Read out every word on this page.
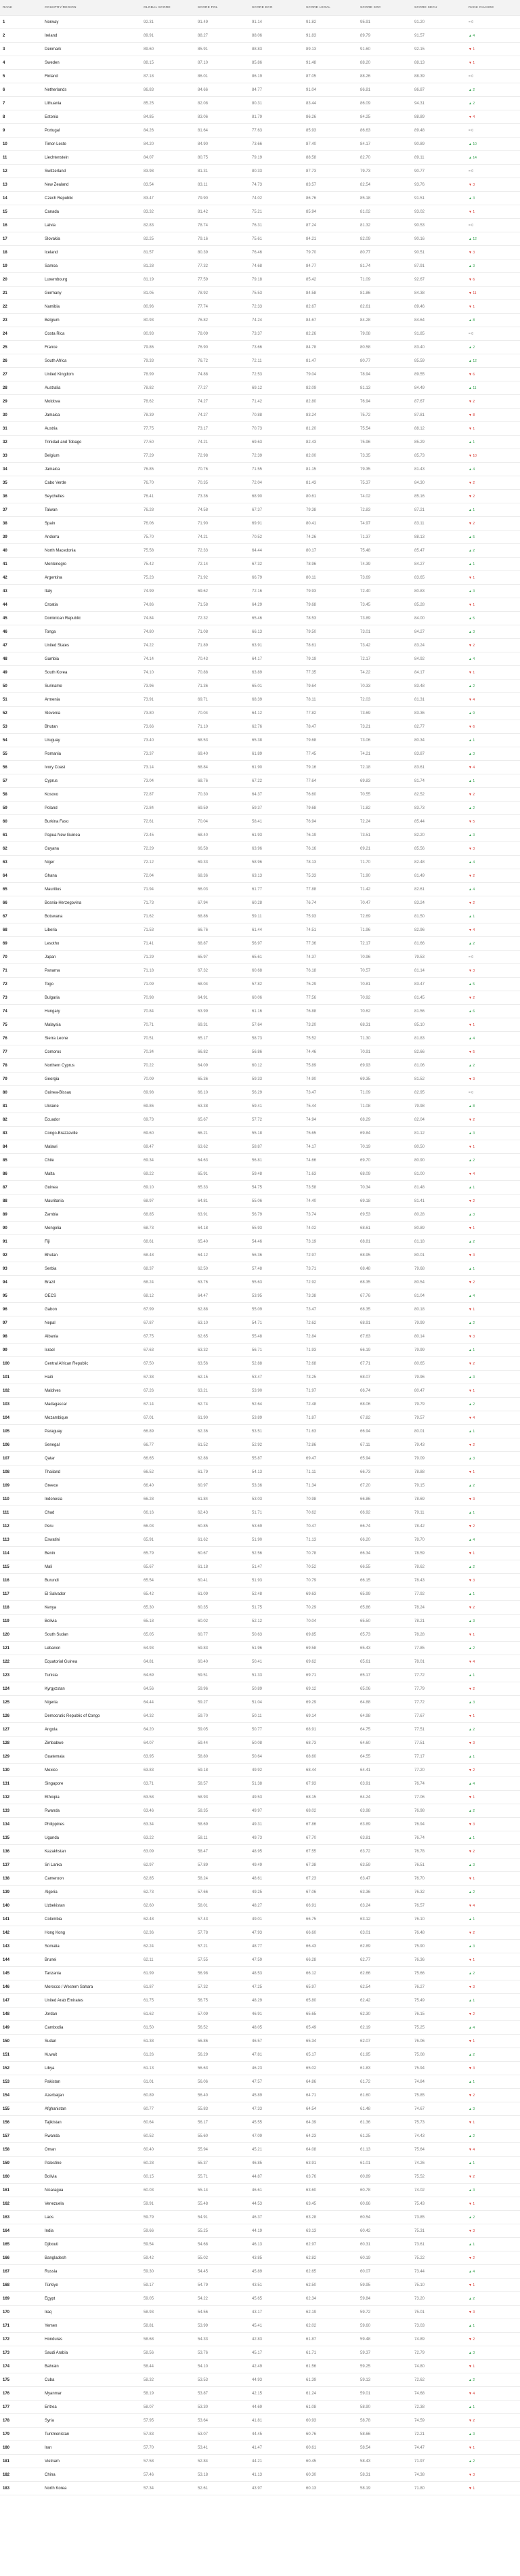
RANK	COUNTRY/REGION	GLOBAL SCORE	SCORE POL	SCORE ECO	SCORE LEGAL	SCORE SOC	SCORE SECU	RANK CHANGE
1	Norway	92.31	91.49	91.14	91.82	95.91	91.20	= 0
2	Ireland	89.91	88.27	88.06	91.83	89.79	91.57	▲ 4
3	Denmark	89.60	85.91	88.83	89.13	91.60	92.15	▼ 1
4	Sweden	88.15	87.10	85.86	91.48	88.20	88.13	▼ 1
5	Finland	87.18	86.01	86.19	87.05	88.26	88.39	= 0
6	Netherlands	86.83	84.66	84.77	91.04	86.81	86.87	▲ 2
7	Lithuania	85.25	82.08	80.31	83.44	86.09	94.31	▲ 2
8	Estonia	84.85	83.06	81.79	86.26	84.25	88.89	▼ 4
9	Portugal	84.26	81.64	77.63	85.93	86.63	89.48	= 0
10	Timor-Leste	84.20	84.90	73.66	87.40	84.17	90.89	▲ 10
11	Liechtenstein	84.07	80.75	79.19	88.58	82.70	89.11	▲ 14
12	Switzerland	83.98	81.31	80.33	87.73	79.73	90.77	= 0
13	New Zealand	83.54	83.11	74.73	83.57	82.54	93.76	▼ 3
14	Czech Republic	83.47	79.90	74.02	86.76	85.18	91.51	▲ 3
15	Canada	83.32	81.42	75.21	85.94	81.02	93.02	▼ 1
16	Latvia	82.83	78.74	76.31	87.24	81.32	90.53	= 0
17	Slovakia	82.25	79.16	75.61	84.21	82.09	90.16	▲ 12
18	Iceland	81.57	80.39	76.46	79.70	80.77	90.51	▼ 3
19	Samoa	81.28	77.32	74.68	84.77	81.74	87.91	▲ 3
20	Luxembourg	81.19	77.59	79.18	85.42	71.09	92.67	▼ 6
21	Germany	81.05	78.92	75.53	84.58	81.86	84.38	▼ 11
22	Namibia	80.96	77.74	72.33	82.67	82.61	89.46	▼ 1
23	Belgium	80.93	76.82	74.24	84.67	84.28	84.64	▲ 8
24	Costa Rica	80.93	78.09	73.37	82.26	79.08	91.85	= 0
25	France	79.86	76.90	73.66	84.78	80.58	83.40	▲ 2
26	South Africa	79.33	76.72	72.11	81.47	80.77	85.59	▲ 12
27	United Kingdom	78.99	74.88	72.53	79.04	78.94	89.55	▼ 6
28	Australia	78.82	77.27	69.12	82.09	81.13	84.49	▲ 11
29	Moldova	78.62	74.27	71.42	82.80	76.94	87.67	▼ 2
30	Jamaica	78.39	74.27	70.88	83.24	75.72	87.81	▼ 8
31	Austria	77.75	73.17	70.73	81.20	75.54	88.12	▼ 1
32	Trinidad and Tobago	77.50	74.21	69.63	82.43	75.96	85.29	▲ 1
33	Belgium	77.29	72.98	72.39	82.00	73.35	85.73	▼ 10
34	Jamaica	76.85	70.76	71.55	81.15	79.35	81.43	▲ 4
35	Cabo Verde	76.70	70.35	72.04	81.43	75.37	84.30	▼ 2
36	Seychelles	76.41	73.36	68.90	80.61	74.02	85.16	▼ 2
37	Taiwan	76.28	74.58	67.37	79.38	72.83	87.21	▲ 1
38	Spain	76.06	71.90	69.91	80.41	74.97	83.11	▼ 2
39	Andorra	75.70	74.21	70.52	74.26	71.37	88.13	▲ 5
40	North Macedonia	75.58	72.33	64.44	80.17	75.48	85.47	▲ 2
41	Montenegro	75.42	72.14	67.32	78.96	74.39	84.27	▲ 1
42	Argentina	75.23	71.92	66.79	80.11	73.69	83.65	▼ 1
43	Italy	74.99	69.62	72.16	79.93	72.40	80.83	▲ 3
44	Croatia	74.86	71.58	64.29	79.68	73.45	85.28	▼ 1
45	Dominican Republic	74.84	72.32	65.46	78.53	73.89	84.00	▲ 5
46	Tonga	74.80	71.08	66.13	79.50	73.01	84.27	▲ 3
47	United States	74.22	71.89	63.91	78.61	73.42	83.24	▼ 2
48	Gambia	74.14	70.43	64.17	79.19	72.17	84.92	▲ 4
49	South Korea	74.10	70.88	63.89	77.35	74.22	84.17	▼ 1
50	Suriname	73.96	71.36	65.01	79.64	70.33	83.48	▲ 2
51	Armenia	73.91	69.71	68.39	78.11	72.03	81.31	▼ 4
52	Slovenia	73.80	70.04	64.12	77.82	73.69	83.36	▲ 9
53	Bhutan	73.66	71.10	62.76	78.47	73.21	82.77	▼ 6
54	Uruguay	73.40	68.53	65.38	79.68	73.06	80.34	▲ 1
55	Romania	73.37	69.40	61.89	77.45	74.21	83.87	▲ 3
56	Ivory Coast	73.14	68.84	61.90	79.16	72.18	83.61	▼ 4
57	Cyprus	73.04	68.76	67.22	77.64	69.83	81.74	▲ 1
58	Kosovo	72.87	70.30	64.37	76.60	70.55	82.52	▼ 2
59	Poland	72.84	69.59	59.37	79.68	71.82	83.73	▲ 2
60	Burkina Faso	72.61	70.04	58.41	76.94	72.24	85.44	▼ 5
61	Papua New Guinea	72.45	68.40	61.93	76.19	73.51	82.20	▲ 3
62	Guyana	72.29	66.58	63.96	76.16	69.21	85.56	▼ 3
63	Niger	72.12	69.33	58.96	78.13	71.70	82.48	▲ 4
64	Ghana	72.04	68.36	63.13	75.33	71.90	81.49	▼ 2
65	Mauritius	71.94	66.03	61.77	77.88	71.42	82.61	▲ 4
66	Bosnia-Herzegovina	71.73	67.94	60.28	76.74	70.47	83.24	▼ 2
67	Botswana	71.62	68.86	59.11	75.93	72.69	81.50	▲ 1
68	Liberia	71.53	66.76	61.44	74.51	71.96	82.96	▼ 4
69	Lesotho	71.41	68.87	56.97	77.36	72.17	81.66	▲ 2
70	Japan	71.29	65.97	65.61	74.37	70.96	79.53	= 0
71	Panama	71.18	67.32	60.68	76.18	70.57	81.14	▼ 3
72	Togo	71.09	68.04	57.82	75.29	70.81	83.47	▲ 5
73	Bulgaria	70.98	64.91	60.06	77.56	70.92	81.45	▼ 2
74	Hungary	70.84	63.99	61.16	76.88	70.62	81.56	▲ 6
75	Malaysia	70.71	69.31	57.64	73.20	68.31	85.10	▼ 1
76	Sierra Leone	70.51	65.17	58.73	75.52	71.30	81.83	▲ 4
77	Comoros	70.34	66.82	56.86	74.46	70.91	82.66	▼ 5
78	Northern Cyprus	70.22	64.09	60.12	75.89	69.93	81.06	▲ 2
79	Georgia	70.09	65.36	59.33	74.90	69.35	81.52	▼ 3
80	Guinea-Bissau	69.98	66.10	56.29	73.47	71.09	82.95	= 0
81	Ukraine	69.86	63.38	59.41	75.44	71.08	79.98	▲ 8
82	Ecuador	69.73	65.67	57.72	74.94	68.29	82.04	▼ 2
83	Congo-Brazzaville	69.60	66.21	55.18	75.65	69.84	81.12	▲ 3
84	Malawi	69.47	63.62	58.87	74.17	70.19	80.50	▼ 1
85	Chile	69.34	64.63	56.81	74.66	69.70	80.90	▲ 2
86	Malta	69.22	65.91	59.48	71.63	68.09	81.00	▼ 4
87	Guinea	69.10	65.33	54.75	73.58	70.34	81.48	▲ 1
88	Mauritania	68.97	64.81	55.06	74.40	69.18	81.41	▼ 2
89	Zambia	68.85	63.91	56.79	73.74	69.53	80.28	▲ 3
90	Mongolia	68.73	64.18	55.93	74.02	68.61	80.89	▼ 1
91	Fiji	68.61	65.40	54.46	73.19	68.81	81.18	▲ 2
92	Bhutan	68.48	64.12	56.36	72.97	68.95	80.01	▼ 3
93	Serbia	68.37	62.50	57.48	73.71	68.48	79.68	▲ 1
94	Brazil	68.24	63.76	55.63	72.92	68.35	80.54	▼ 2
95	OECS	68.12	64.47	53.95	73.38	67.76	81.04	▲ 4
96	Gabon	67.99	62.88	55.09	73.47	68.35	80.18	▼ 1
97	Nepal	67.87	63.10	54.71	72.62	68.91	79.99	▲ 2
98	Albania	67.75	62.65	55.48	72.84	67.63	80.14	▼ 3
99	Israel	67.63	63.32	56.71	71.93	66.19	79.99	▲ 1
100	Central African Republic	67.50	63.56	52.88	72.68	67.71	80.65	▼ 2
101	Haiti	67.38	62.15	53.47	73.25	68.07	79.96	▲ 3
102	Maldives	67.26	63.21	53.90	71.97	66.74	80.47	▼ 1
103	Madagascar	67.14	62.74	52.64	72.48	68.06	79.79	▲ 2
104	Mozambique	67.01	61.90	53.89	71.87	67.82	79.57	▼ 4
105	Paraguay	66.89	62.36	53.51	71.63	66.94	80.01	▲ 1
106	Senegal	66.77	61.52	52.92	72.86	67.11	79.43	▼ 2
107	Qatar	66.65	62.88	55.87	69.47	65.94	79.09	▲ 3
108	Thailand	66.52	61.79	54.13	71.11	66.73	78.88	▼ 1
109	Greece	66.40	60.97	53.36	71.34	67.20	79.15	▲ 2
110	Indonesia	66.28	61.84	53.03	70.98	66.86	78.69	▼ 3
111	Chad	66.16	62.43	51.71	70.62	66.92	79.11	▲ 1
112	Peru	66.03	60.85	53.69	70.47	66.74	78.42	▼ 2
113	Eswatini	65.91	61.62	51.90	71.13	66.20	78.70	▲ 4
114	Benin	65.79	60.67	52.56	70.78	66.34	78.59	▼ 1
115	Mali	65.67	61.18	51.47	70.52	66.55	78.62	▲ 2
116	Burundi	65.54	60.41	51.93	70.79	66.15	78.43	▼ 3
117	El Salvador	65.42	61.09	52.48	69.63	65.99	77.92	▲ 1
118	Kenya	65.30	60.35	51.75	70.29	65.86	78.24	▼ 2
119	Bolivia	65.18	60.02	52.12	70.04	65.50	78.21	▲ 3
120	South Sudan	65.05	60.77	50.63	69.85	65.73	78.28	▼ 1
121	Lebanon	64.93	59.83	51.96	69.58	65.43	77.85	▲ 2
122	Equatorial Guinea	64.81	60.40	50.41	69.62	65.61	78.01	▼ 4
123	Tunisia	64.69	59.51	51.33	69.71	65.17	77.72	▲ 1
124	Kyrgyzstan	64.56	59.96	50.89	69.12	65.06	77.79	▼ 2
125	Nigeria	64.44	59.27	51.04	69.29	64.88	77.72	▲ 3
126	Democratic Republic of Congo	64.32	59.70	50.11	69.14	64.98	77.67	▼ 1
127	Angola	64.20	59.05	50.77	68.91	64.75	77.51	▲ 2
128	Zimbabwe	64.07	59.44	50.08	68.73	64.60	77.51	▼ 3
129	Guatemala	63.95	58.80	50.64	68.60	64.55	77.17	▲ 1
130	Mexico	63.83	59.18	49.92	68.44	64.41	77.20	▼ 2
131	Singapore	63.71	58.57	51.38	67.93	63.91	76.74	▲ 4
132	Ethiopia	63.58	58.93	49.53	68.15	64.24	77.06	▼ 1
133	Rwanda	63.46	58.35	49.97	68.02	63.98	76.98	▲ 2
134	Philippines	63.34	58.69	49.31	67.86	63.89	76.94	▼ 3
135	Uganda	63.22	58.11	49.73	67.70	63.81	76.74	▲ 1
136	Kazakhstan	63.09	58.47	48.95	67.55	63.72	76.78	▼ 2
137	Sri Lanka	62.97	57.89	49.49	67.38	63.59	76.51	▲ 3
138	Cameroon	62.85	58.24	48.61	67.23	63.47	76.70	▼ 1
139	Algeria	62.73	57.66	49.25	67.06	63.36	76.32	▲ 2
140	Uzbekistan	62.60	58.01	48.27	66.91	63.24	76.57	▼ 4
141	Colombia	62.48	57.43	49.01	66.75	63.12	76.10	▲ 1
142	Hong Kong	62.36	57.78	47.93	66.60	63.01	76.48	▼ 2
143	Somalia	62.24	57.21	48.77	66.43	62.89	75.90	▲ 3
144	Brunei	62.11	57.55	47.59	66.28	62.77	76.36	▼ 1
145	Tanzania	61.99	56.98	48.53	66.12	62.66	75.66	▲ 2
146	Morocco / Western Sahara	61.87	57.32	47.25	65.97	62.54	76.27	▼ 3
147	United Arab Emirates	61.75	56.75	48.29	65.80	62.42	75.49	▲ 1
148	Jordan	61.62	57.09	46.91	65.65	62.30	76.15	▼ 2
149	Cambodia	61.50	56.52	48.05	65.49	62.19	75.25	▲ 4
150	Sudan	61.38	56.86	46.57	65.34	62.07	76.06	▼ 1
151	Kuwait	61.26	56.29	47.81	65.17	61.95	75.08	▲ 2
152	Libya	61.13	56.63	46.23	65.02	61.83	75.94	▼ 3
153	Pakistan	61.01	56.06	47.57	64.86	61.72	74.84	▲ 1
154	Azerbaijan	60.89	56.40	45.89	64.71	61.60	75.85	▼ 2
155	Afghanistan	60.77	55.83	47.33	64.54	61.48	74.67	▲ 3
156	Tajikistan	60.64	56.17	45.55	64.39	61.36	75.73	▼ 1
157	Rwanda	60.52	55.60	47.09	64.23	61.25	74.43	▲ 2
158	Oman	60.40	55.94	45.21	64.08	61.13	75.64	▼ 4
159	Palestine	60.28	55.37	46.85	63.91	61.01	74.26	▲ 1
160	Bolivia	60.15	55.71	44.87	63.76	60.89	75.52	▼ 2
161	Nicaragua	60.03	55.14	46.61	63.60	60.78	74.02	▲ 3
162	Venezuela	59.91	55.48	44.53	63.45	60.66	75.43	▼ 1
163	Laos	59.79	54.91	46.37	63.28	60.54	73.85	▲ 2
164	India	59.66	55.25	44.19	63.13	60.42	75.31	▼ 3
165	Djibouti	59.54	54.68	46.13	62.97	60.31	73.61	▲ 1
166	Bangladesh	59.42	55.02	43.85	62.82	60.19	75.22	▼ 2
167	Russia	59.30	54.45	45.89	62.65	60.07	73.44	▲ 4
168	Türkiye	59.17	54.79	43.51	62.50	59.95	75.10	▼ 1
169	Egypt	59.05	54.22	45.65	62.34	59.84	73.20	▲ 2
170	Iraq	58.93	54.56	43.17	62.19	59.72	75.01	▼ 3
171	Yemen	58.81	53.99	45.41	62.02	59.60	73.03	▲ 1
172	Honduras	58.68	54.33	42.83	61.87	59.48	74.89	▼ 2
173	Saudi Arabia	58.56	53.76	45.17	61.71	59.37	72.79	▲ 3
174	Bahrain	58.44	54.10	42.49	61.56	59.25	74.80	▼ 1
175	Cuba	58.32	53.53	44.93	61.39	59.13	72.62	▲ 2
176	Myanmar	58.19	53.87	42.15	61.24	59.01	74.68	▼ 4
177	Eritrea	58.07	53.30	44.69	61.08	58.90	72.38	▲ 1
178	Syria	57.95	53.64	41.81	60.93	58.78	74.59	▼ 2
179	Turkmenistan	57.83	53.07	44.45	60.76	58.66	72.21	▲ 3
180	Iran	57.70	53.41	41.47	60.61	58.54	74.47	▼ 1
181	Vietnam	57.58	52.84	44.21	60.45	58.43	71.97	▲ 2
182	China	57.46	53.18	41.13	60.30	58.31	74.38	▼ 3
183	North Korea	57.34	52.61	43.97	60.13	58.19	71.80	▼ 1
